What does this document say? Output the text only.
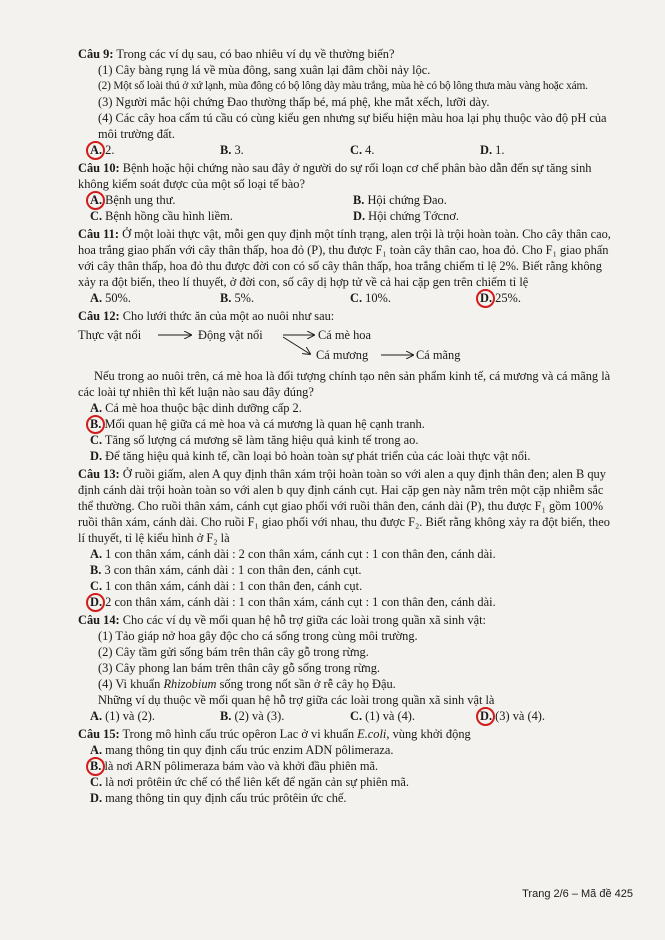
Câu 9: Trong các ví dụ sau, có bao nhiêu ví dụ về thường biến?
(1) Cây bàng rụng lá về mùa đông, sang xuân lại đâm chồi nảy lộc.
(2) Một số loài thú ở xứ lạnh, mùa đông có bộ lông dày màu trắng, mùa hè có bộ lông thưa màu vàng hoặc xám.
(3) Người mắc hội chứng Đao thường thấp bé, má phệ, khe mắt xếch, lưỡi dày.
(4) Các cây hoa cẩm tú cầu có cùng kiểu gen nhưng sự biểu hiện màu hoa lại phụ thuộc vào độ pH của môi trường đất.
A. 2.	B. 3.	C. 4.	D. 1.
Câu 10: Bệnh hoặc hội chứng nào sau đây ở người do sự rối loạn cơ chế phân bào dẫn đến sự tăng sinh không kiểm soát được của một số loại tế bào?
A. Bệnh ung thư.	B. Hội chứng Đao.
C. Bệnh hồng cầu hình liềm.	D. Hội chứng Tớcnơ.
Câu 11: Ở một loài thực vật, mỗi gen quy định một tính trạng, alen trội là trội hoàn toàn. Cho cây thân cao, hoa trắng giao phấn với cây thân thấp, hoa đỏ (P), thu được F₁ toàn cây thân cao, hoa đỏ. Cho F₁ giao phấn với cây thân thấp, hoa đỏ thu được đời con có số cây thân thấp, hoa trắng chiếm tỉ lệ 2%. Biết rằng không xảy ra đột biến, theo lí thuyết, ở đời con, số cây dị hợp tử về cả hai cặp gen trên chiếm tỉ lệ
A. 50%.	B. 5%.	C. 10%.	D. 25%.
Câu 12: Cho lưới thức ăn của một ao nuôi như sau:
Thực vật nổi	Động vật nổi	Cá mè hoa
Cá mương	Cá mãng
Nếu trong ao nuôi trên, cá mè hoa là đối tượng chính tạo nên sản phẩm kinh tế, cá mương và cá mãng là các loài tự nhiên thì kết luận nào sau đây đúng?
A. Cá mè hoa thuộc bậc dinh dưỡng cấp 2.
B. Mối quan hệ giữa cá mè hoa và cá mương là quan hệ cạnh tranh.
C. Tăng số lượng cá mương sẽ làm tăng hiệu quả kinh tế trong ao.
D. Để tăng hiệu quả kinh tế, cần loại bỏ hoàn toàn sự phát triển của các loài thực vật nổi.
Câu 13: Ở ruồi giấm, alen A quy định thân xám trội hoàn toàn so với alen a quy định thân đen; alen B quy định cánh dài trội hoàn toàn so với alen b quy định cánh cụt. Hai cặp gen này nằm trên một cặp nhiễm sắc thể thường. Cho ruồi thân xám, cánh cụt giao phối với ruồi thân đen, cánh dài (P), thu được F₁ gồm 100% ruồi thân xám, cánh dài. Cho ruồi F₁ giao phối với nhau, thu được F₂. Biết rằng không xảy ra đột biến, theo lí thuyết, tỉ lệ kiểu hình ở F₂ là
A. 1 con thân xám, cánh dài : 2 con thân xám, cánh cụt : 1 con thân đen, cánh dài.
B. 3 con thân xám, cánh dài : 1 con thân đen, cánh cụt.
C. 1 con thân xám, cánh dài : 1 con thân đen, cánh cụt.
D. 2 con thân xám, cánh dài : 1 con thân xám, cánh cụt : 1 con thân đen, cánh dài.
Câu 14: Cho các ví dụ về mối quan hệ hỗ trợ giữa các loài trong quần xã sinh vật:
(1) Tảo giáp nở hoa gây độc cho cá sống trong cùng môi trường.
(2) Cây tầm gửi sống bám trên thân cây gỗ trong rừng.
(3) Cây phong lan bám trên thân cây gỗ sống trong rừng.
(4) Vi khuẩn Rhizobium sống trong nốt sần ở rễ cây họ Đậu.
Những ví dụ thuộc về mối quan hệ hỗ trợ giữa các loài trong quần xã sinh vật là
A. (1) và (2).	B. (2) và (3).	C. (1) và (4).	D. (3) và (4).
Câu 15: Trong mô hình cấu trúc opêron Lac ở vi khuẩn E.coli, vùng khởi động
A. mang thông tin quy định cấu trúc enzim ADN pôlimeraza.
B. là nơi ARN pôlimeraza bám vào và khởi đầu phiên mã.
C. là nơi prôtêin ức chế có thể liên kết để ngăn cản sự phiên mã.
D. mang thông tin quy định cấu trúc prôtêin ức chế.
Trang 2/6 – Mã đề 425
